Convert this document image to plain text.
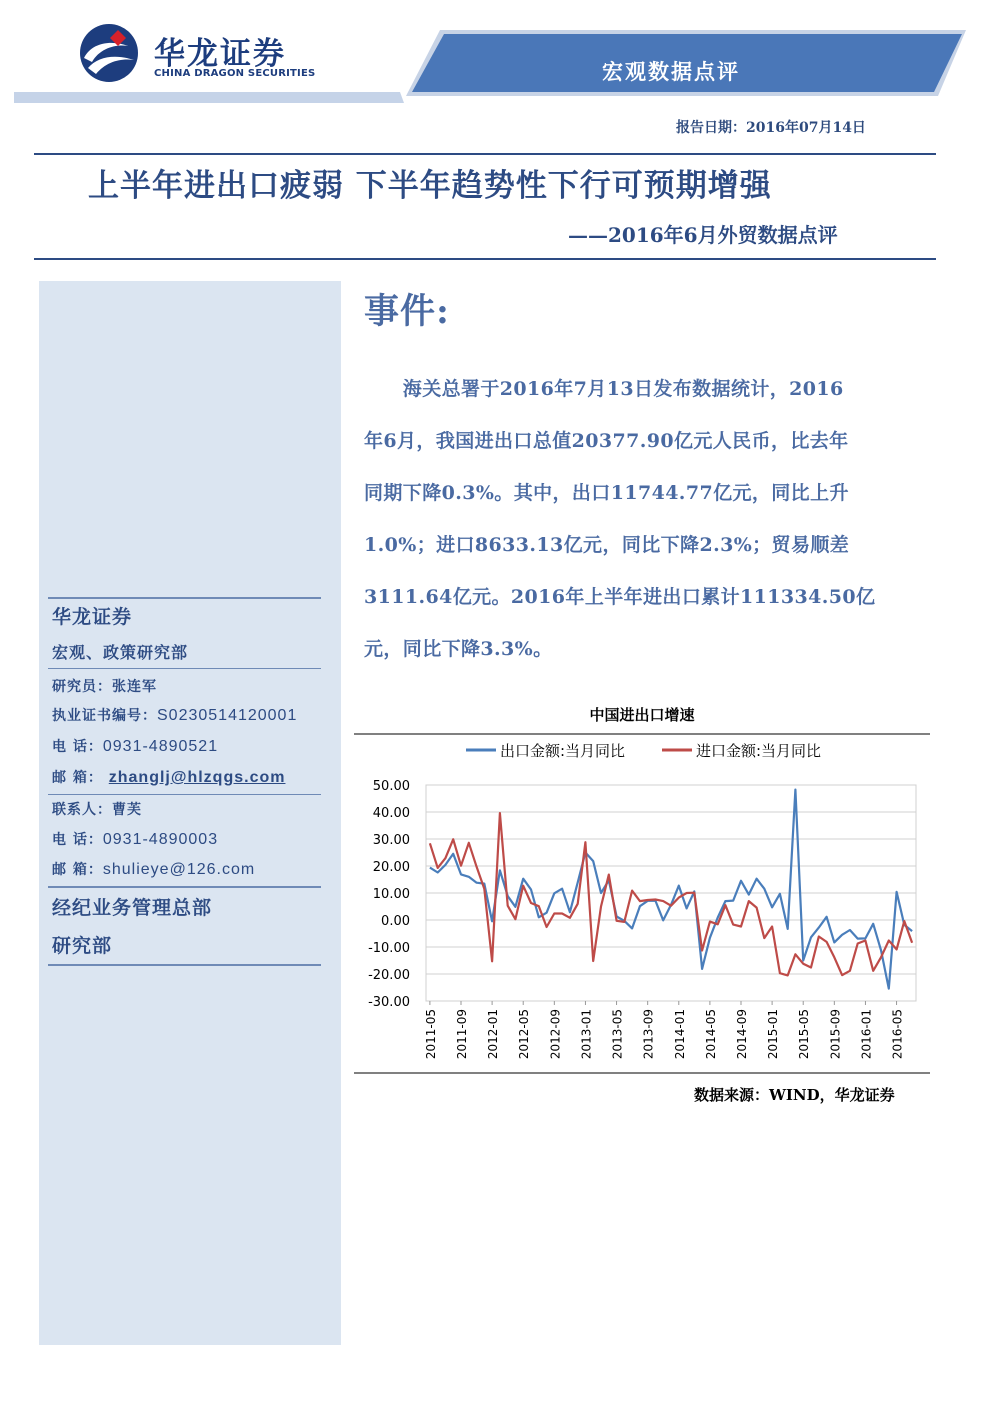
华龙证券
CHINA DRAGON SECURITIES	宏观数据点评
报告日期：2016年07月14日
上半年进出口疲弱 下半年趋势性下行可预期增强
——2016年6月外贸数据点评
华龙证券
宏观、政策研究部
研究员：张连军
执业证书编号：S0230514120001
电 话：0931-4890521
邮 箱： zhanglj@hlzqgs.com
联系人：曹芙
电 话：0931-4890003
邮 箱：shulieye@126.com
经纪业务管理总部
研究部
事件:
　　海关总署于2016年7月13日发布数据统计，2016
年6月，我国进出口总值20377.90亿元人民币，比去年
同期下降0.3%。其中，出口11744.77亿元，同比上升
1.0%；进口8633.13亿元，同比下降2.3%；贸易顺差
3111.64亿元。2016年上半年进出口累计111334.50亿
元，同比下降3.3%。
中国进出口增速
出口金额:当月同比	进口金额:当月同比
50.00
40.00
30.00
20.00
10.00
0.00
-10.00
-20.00
-30.00
2011-05 2011-09 2012-01 2012-05 2012-09 2013-01 2013-05 2013-09 2014-01 2014-05 2014-09 2015-01 2015-05 2015-09 2016-01 2016-05
数据来源：WIND，华龙证券
